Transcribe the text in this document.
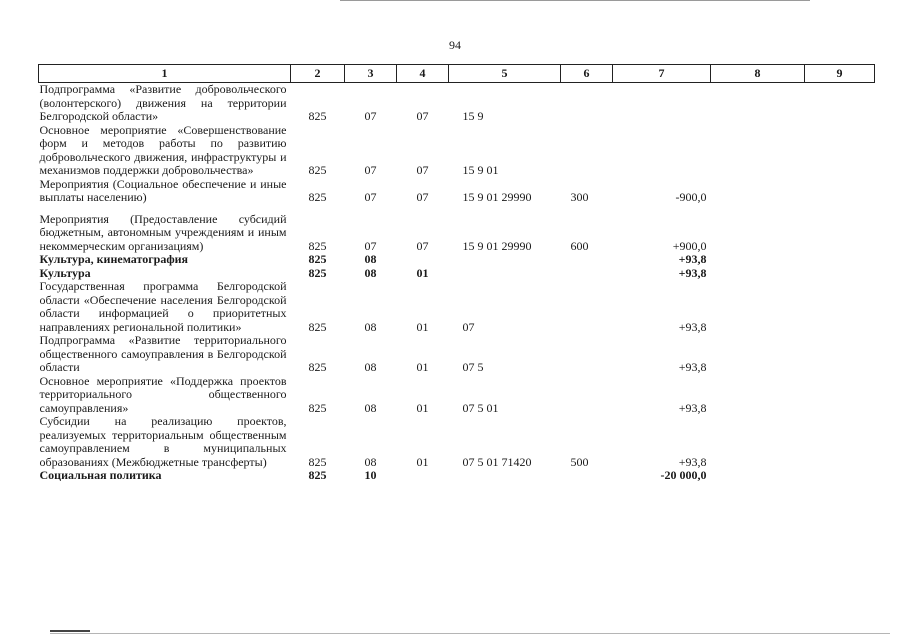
94
1	2	3	4	5	6	7	8	9
Подпрограмма «Развитие добровольческого (волонтерского) движения на территории Белгородской области»	825	07	07	15 9				
Основное мероприятие «Совершенствование форм и методов работы по развитию добровольческого движения, инфраструктуры и механизмов поддержки добровольчества»	825	07	07	15 9 01				
Мероприятия (Социальное обеспечение и иные выплаты населению)	825	07	07	15 9 01 29990	300	-900,0		
Мероприятия (Предоставление субсидий бюджетным, автономным учреждениям и иным некоммерческим организациям)	825	07	07	15 9 01 29990	600	+900,0		
Культура, кинематография	825	08				+93,8		
Культура	825	08	01			+93,8		
Государственная программа Белгородской области «Обеспечение населения Белгородской области информацией о приоритетных направлениях региональной политики»	825	08	01	07		+93,8		
Подпрограмма «Развитие территориального общественного самоуправления в Белгородской области	825	08	01	07 5		+93,8		
Основное мероприятие «Поддержка проектов территориального общественного самоуправления»	825	08	01	07 5 01		+93,8		
Субсидии на реализацию проектов, реализуемых территориальным общественным самоуправлением в муниципальных образованиях (Межбюджетные трансферты)	825	08	01	07 5 01 71420	500	+93,8		
Социальная политика	825	10				-20 000,0		
